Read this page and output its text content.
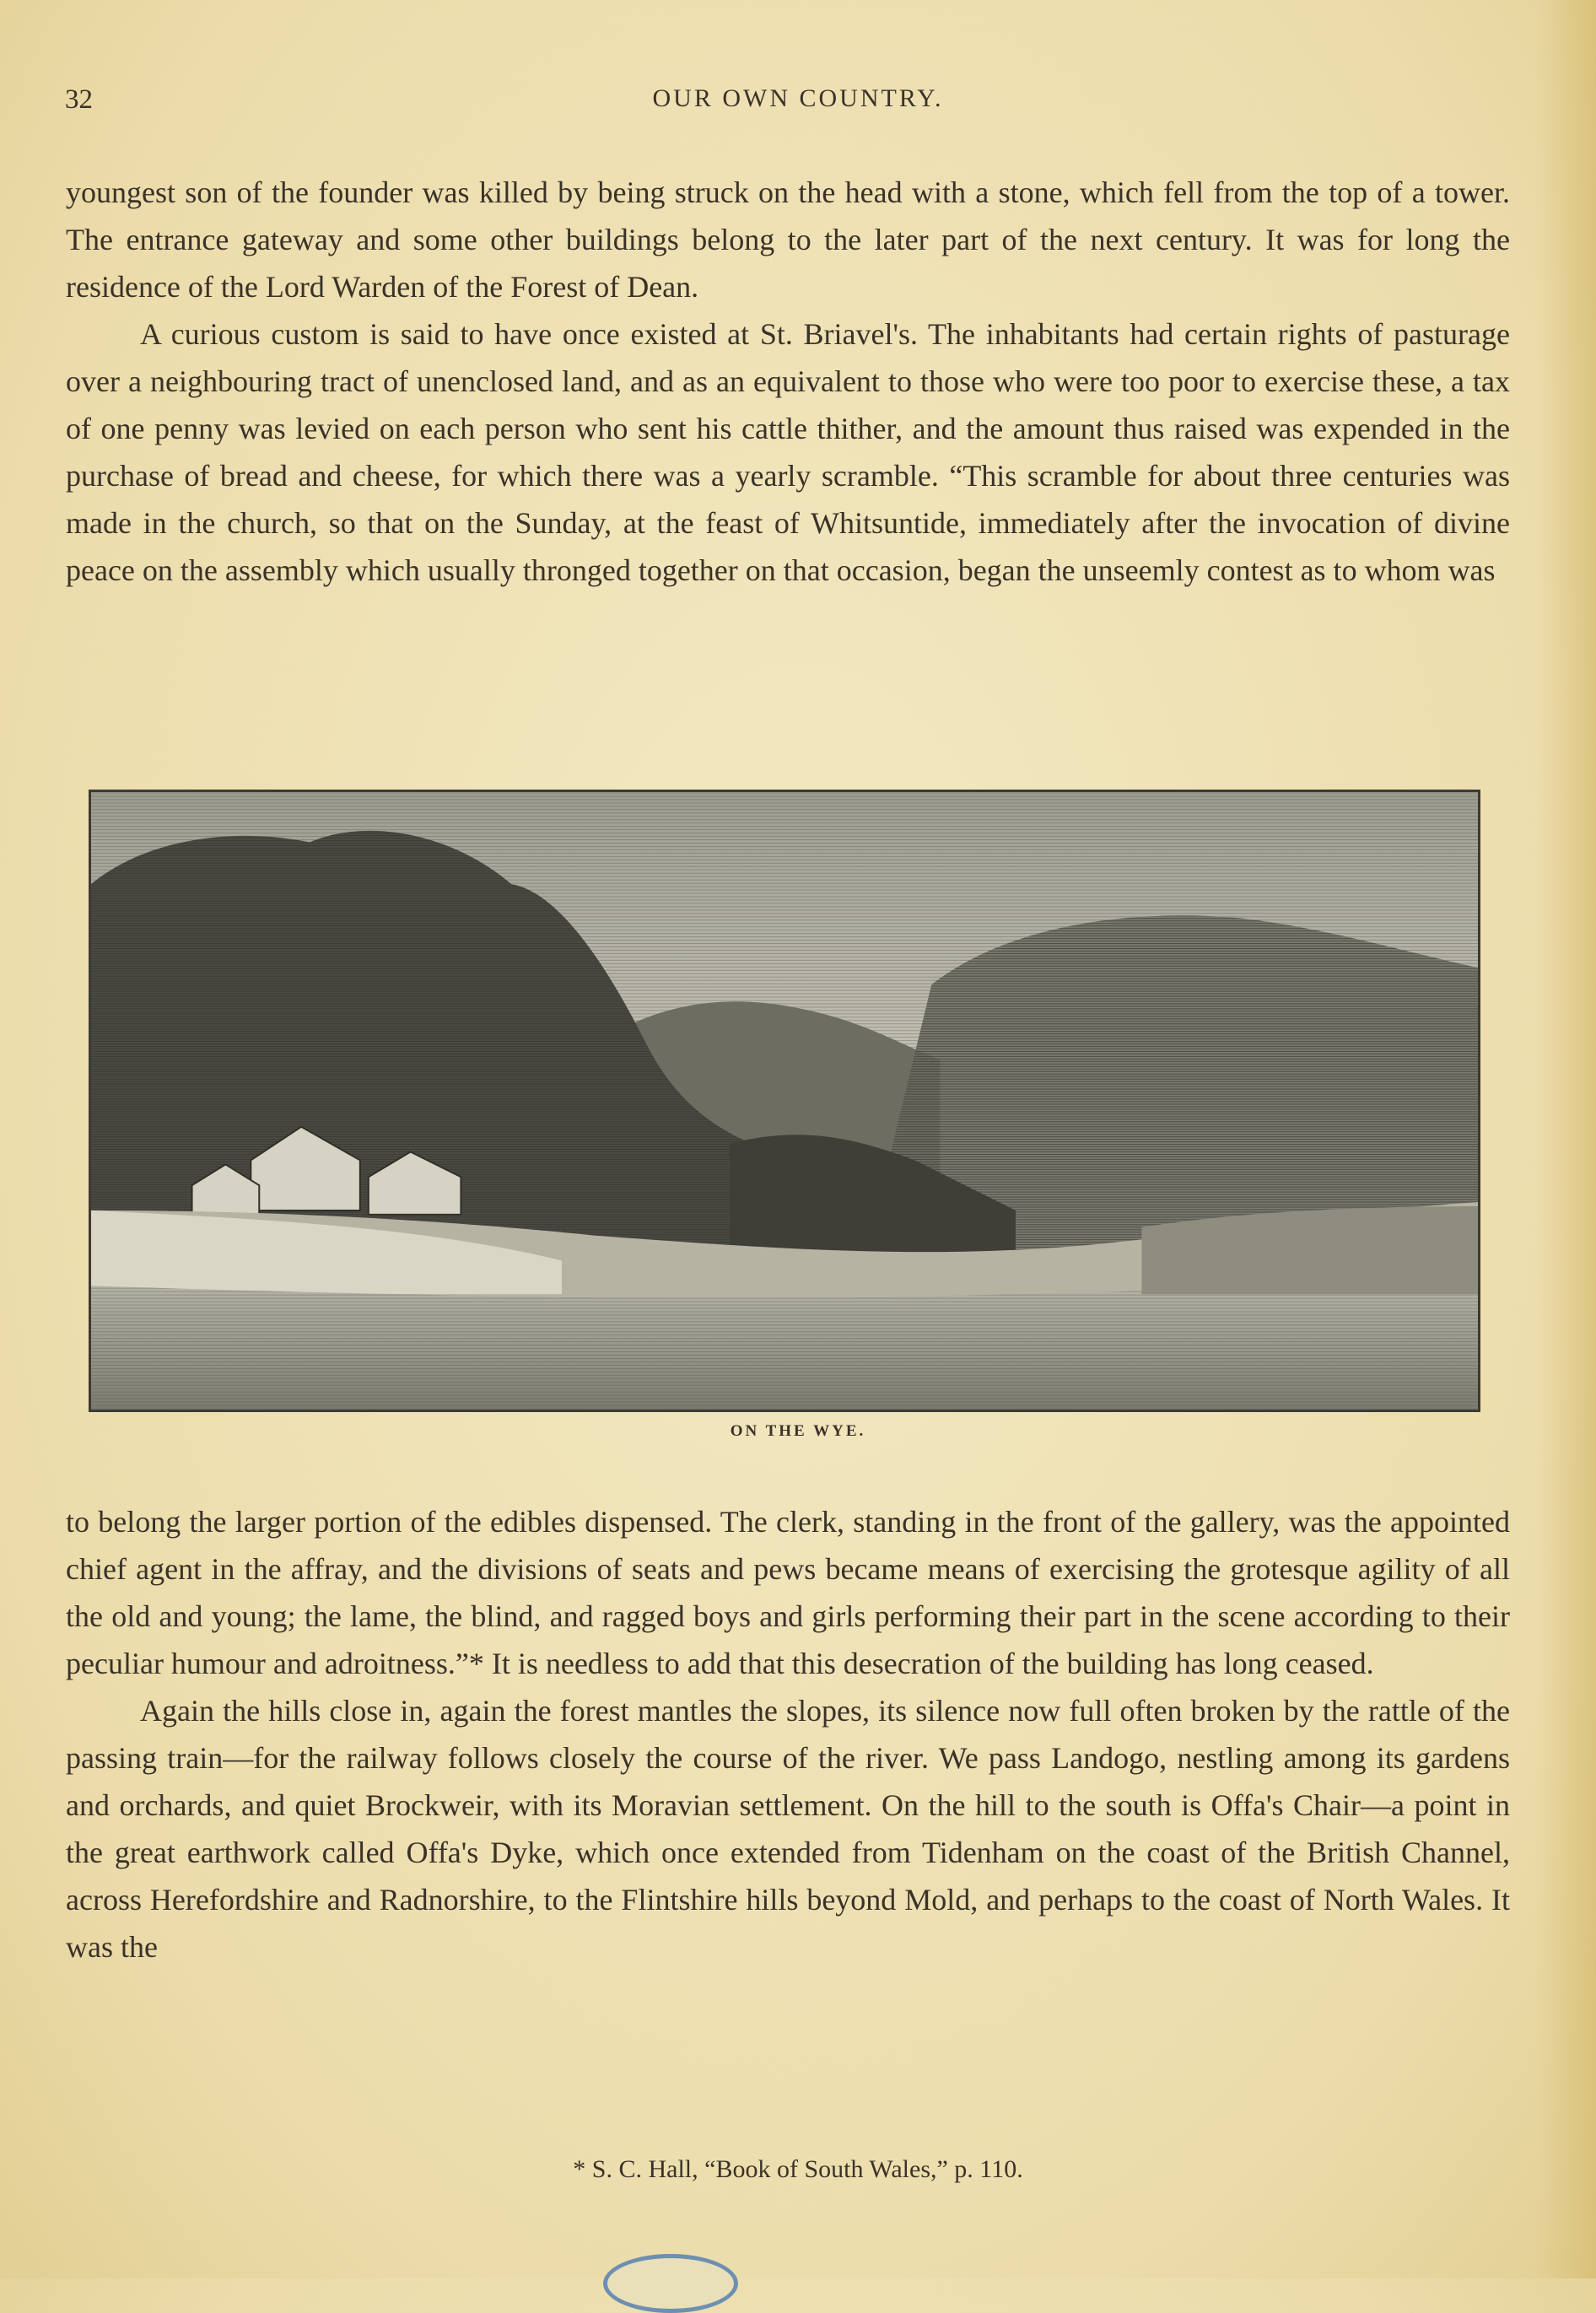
32	OUR OWN COUNTRY.

youngest son of the founder was killed by being struck on the head with a stone, which fell from the top of a tower. The entrance gateway and some other buildings belong to the later part of the next century. It was for long the residence of the Lord Warden of the Forest of Dean.

A curious custom is said to have once existed at St. Briavel's. The inhabitants had certain rights of pasturage over a neighbouring tract of unenclosed land, and as an equivalent to those who were too poor to exercise these, a tax of one penny was levied on each person who sent his cattle thither, and the amount thus raised was expended in the purchase of bread and cheese, for which there was a yearly scramble. “This scramble for about three centuries was made in the church, so that on the Sunday, at the feast of Whitsuntide, immediately after the invocation of divine peace on the assembly which usually thronged together on that occasion, began the unseemly contest as to whom was

ON THE WYE.

to belong the larger portion of the edibles dispensed. The clerk, standing in the front of the gallery, was the appointed chief agent in the affray, and the divisions of seats and pews became means of exercising the grotesque agility of all the old and young; the lame, the blind, and ragged boys and girls performing their part in the scene according to their peculiar humour and adroitness.”* It is needless to add that this desecration of the building has long ceased.

Again the hills close in, again the forest mantles the slopes, its silence now full often broken by the rattle of the passing train—for the railway follows closely the course of the river. We pass Landogo, nestling among its gardens and orchards, and quiet Brockweir, with its Moravian settlement. On the hill to the south is Offa's Chair—a point in the great earthwork called Offa's Dyke, which once extended from Tidenham on the coast of the British Channel, across Herefordshire and Radnorshire, to the Flintshire hills beyond Mold, and perhaps to the coast of North Wales. It was the

* S. C. Hall, “Book of South Wales,” p. 110.
